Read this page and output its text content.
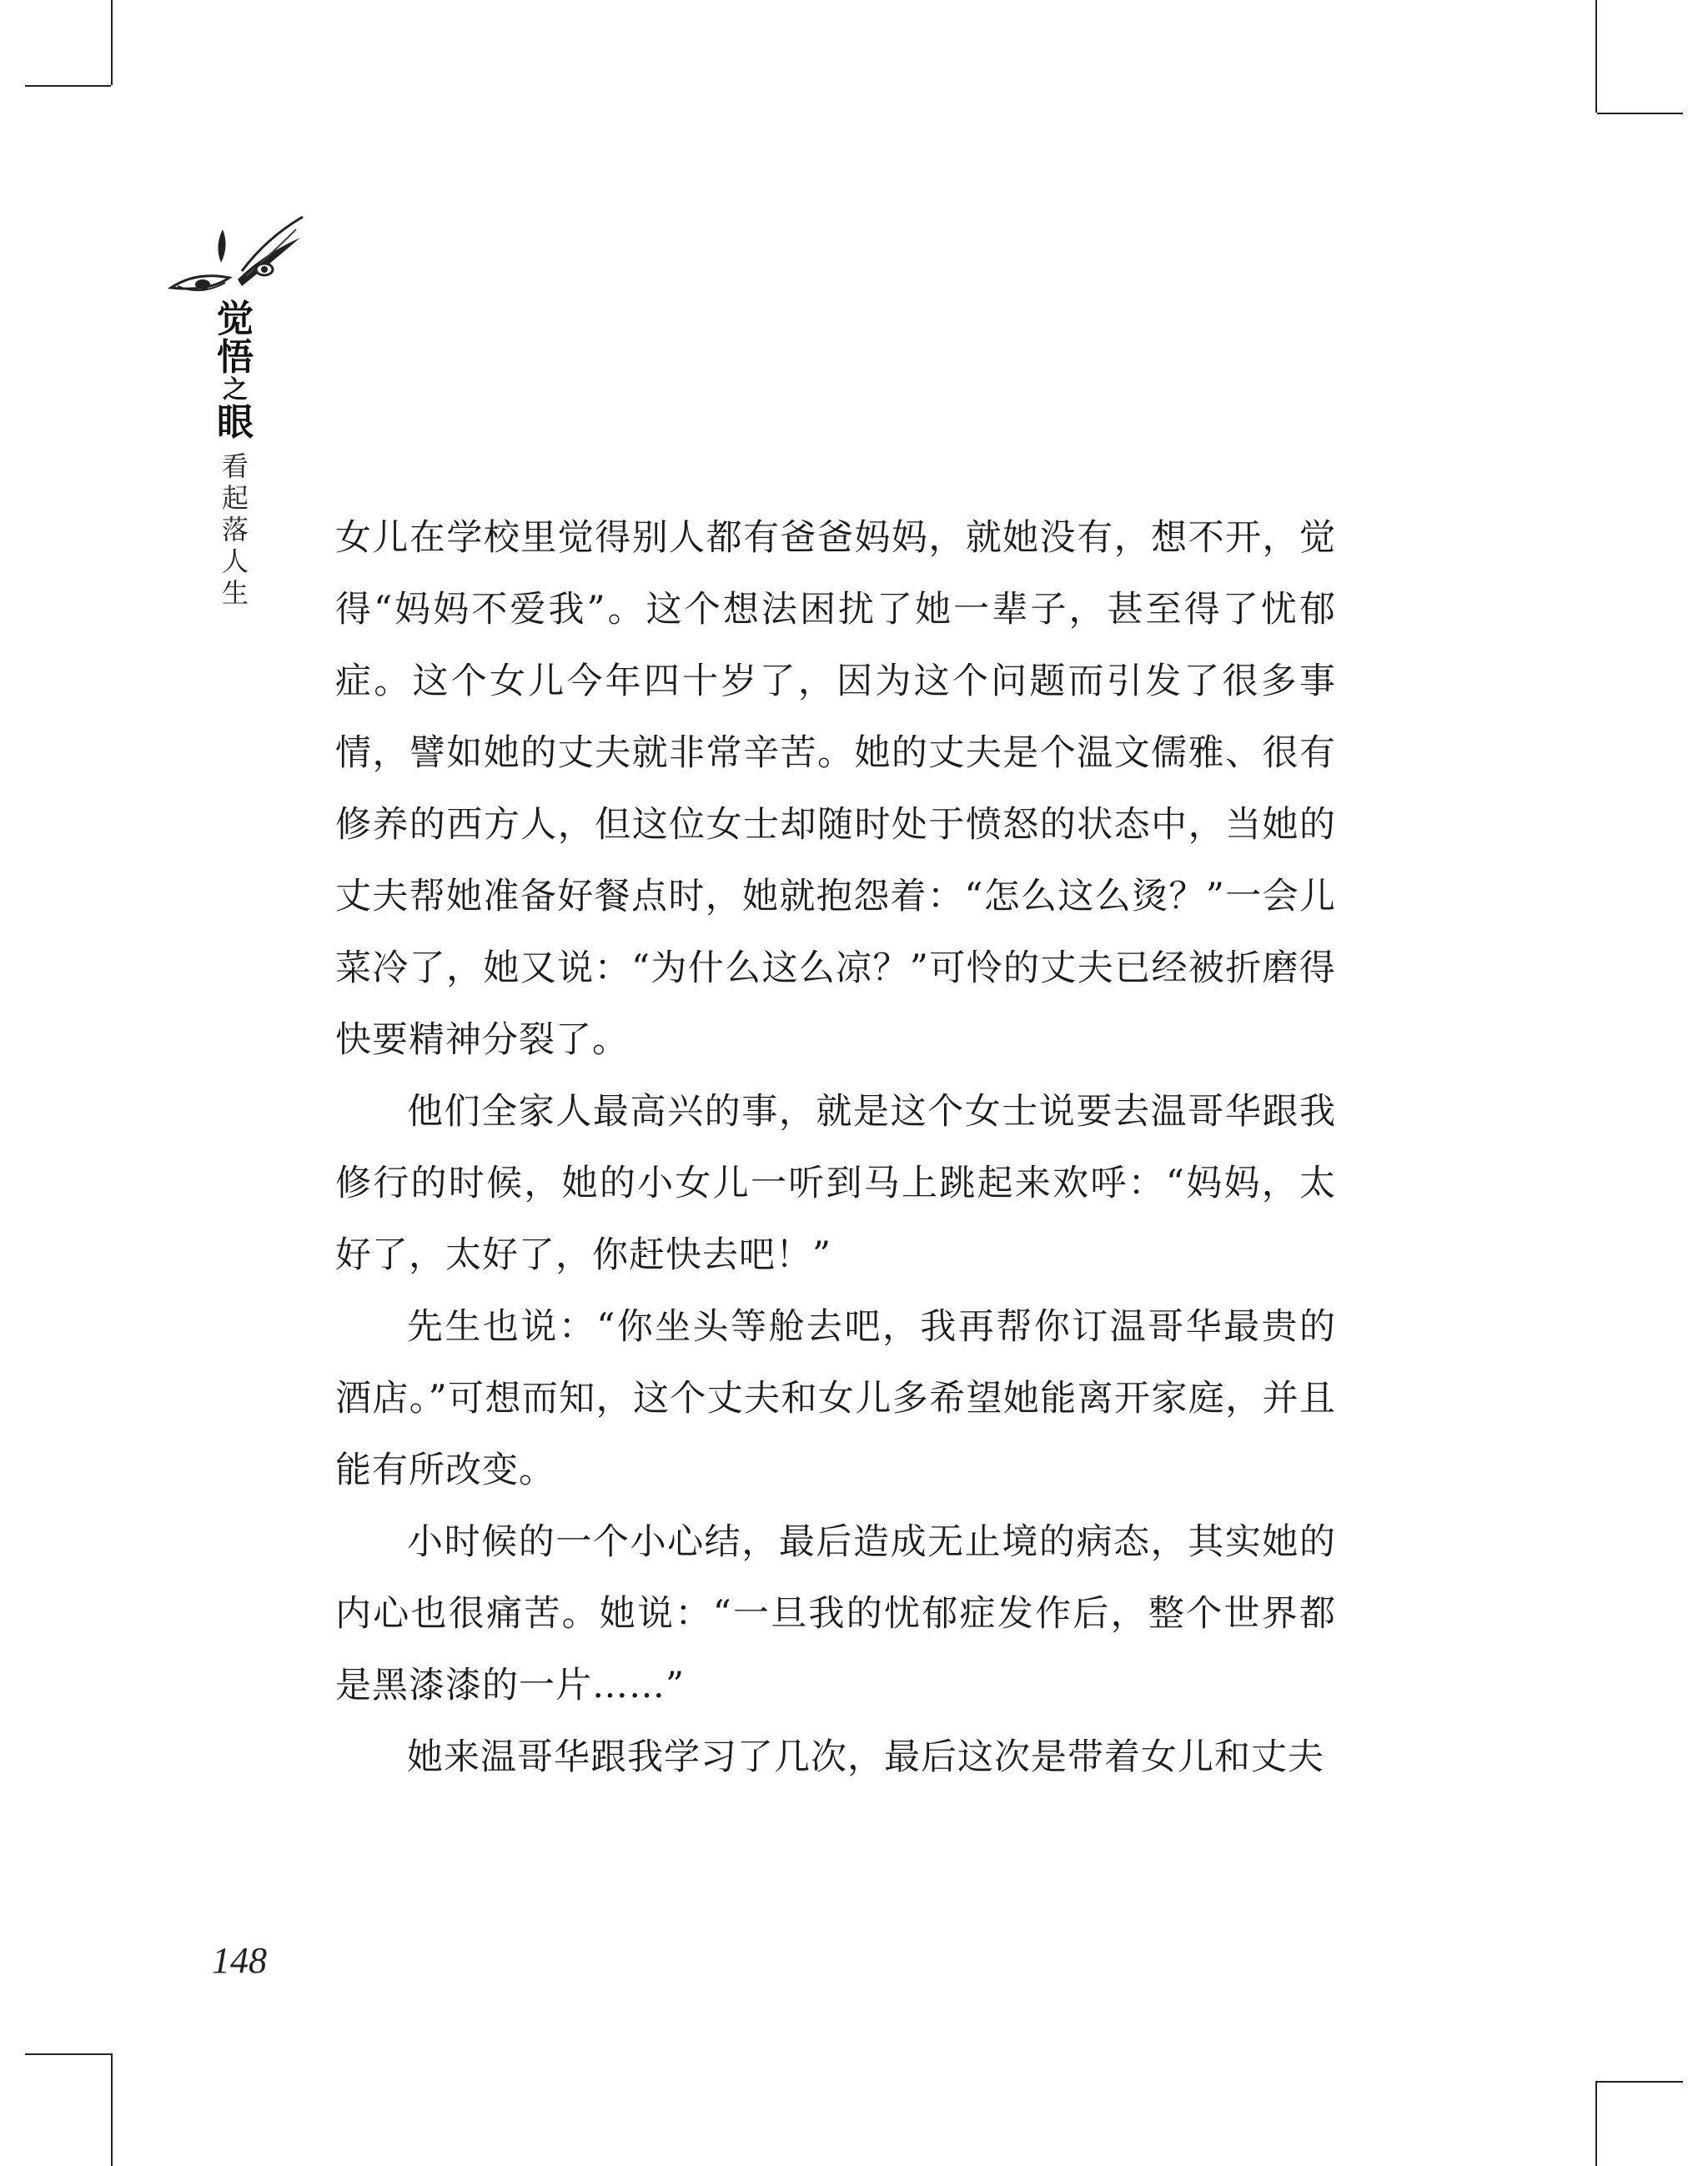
觉
悟
之
眼
看
起
落
人
生

女儿在学校里觉得别人都有爸爸妈妈，就她没有，想不开，觉得“妈妈不爱我”。这个想法困扰了她一辈子，甚至得了忧郁症。这个女儿今年四十岁了，因为这个问题而引发了很多事情，譬如她的丈夫就非常辛苦。她的丈夫是个温文儒雅、很有修养的西方人，但这位女士却随时处于愤怒的状态中，当她的丈夫帮她准备好餐点时，她就抱怨着：“怎么这么烫？”一会儿菜冷了，她又说：“为什么这么凉？”可怜的丈夫已经被折磨得快要精神分裂了。

他们全家人最高兴的事，就是这个女士说要去温哥华跟我修行的时候，她的小女儿一听到马上跳起来欢呼：“妈妈，太好了，太好了，你赶快去吧！”

先生也说：“你坐头等舱去吧，我再帮你订温哥华最贵的酒店。”可想而知，这个丈夫和女儿多希望她能离开家庭，并且能有所改变。

小时候的一个小心结，最后造成无止境的病态，其实她的内心也很痛苦。她说：“一旦我的忧郁症发作后，整个世界都是黑漆漆的一片……”

她来温哥华跟我学习了几次，最后这次是带着女儿和丈夫

148
